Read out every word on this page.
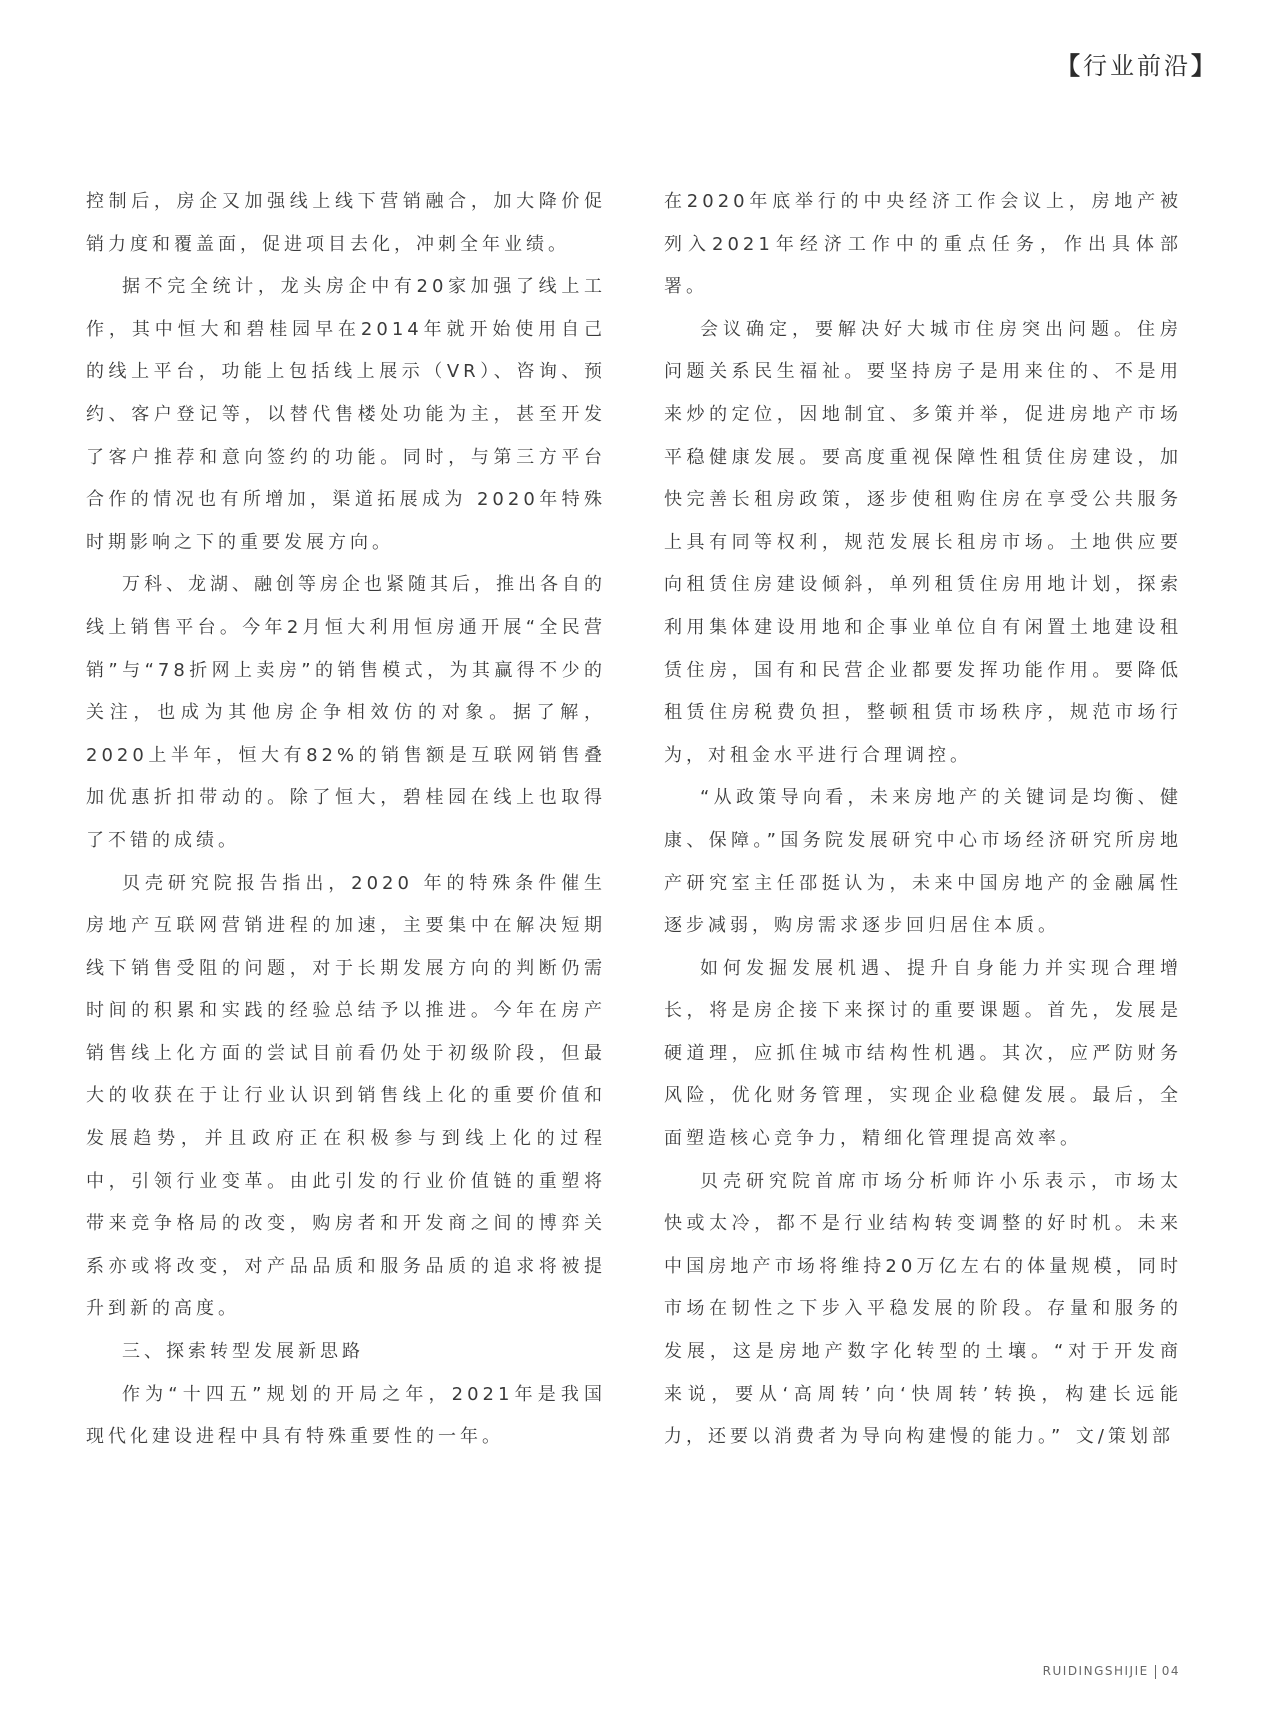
【行业前沿】

控制后，房企又加强线上线下营销融合，加大降价促销力度和覆盖面，促进项目去化，冲刺全年业绩。

据不完全统计，龙头房企中有20家加强了线上工作，其中恒大和碧桂园早在2014年就开始使用自己的线上平台，功能上包括线上展示（VR）、咨询、预约、客户登记等，以替代售楼处功能为主，甚至开发了客户推荐和意向签约的功能。同时，与第三方平台合作的情况也有所增加，渠道拓展成为 2020年特殊时期影响之下的重要发展方向。

万科、龙湖、融创等房企也紧随其后，推出各自的线上销售平台。今年2月恒大利用恒房通开展“全民营销”与“78折网上卖房”的销售模式，为其赢得不少的关注，也成为其他房企争相效仿的对象。据了解，2020上半年，恒大有82%的销售额是互联网销售叠加优惠折扣带动的。除了恒大，碧桂园在线上也取得了不错的成绩。

贝壳研究院报告指出，2020 年的特殊条件催生房地产互联网营销进程的加速，主要集中在解决短期线下销售受阻的问题，对于长期发展方向的判断仍需时间的积累和实践的经验总结予以推进。今年在房产销售线上化方面的尝试目前看仍处于初级阶段，但最大的收获在于让行业认识到销售线上化的重要价值和发展趋势，并且政府正在积极参与到线上化的过程中，引领行业变革。由此引发的行业价值链的重塑将带来竞争格局的改变，购房者和开发商之间的博弈关系亦或将改变，对产品品质和服务品质的追求将被提升到新的高度。

三、探索转型发展新思路

作为“十四五”规划的开局之年，2021年是我国现代化建设进程中具有特殊重要性的一年。

在2020年底举行的中央经济工作会议上，房地产被列入2021年经济工作中的重点任务，作出具体部署。

会议确定，要解决好大城市住房突出问题。住房问题关系民生福祉。要坚持房子是用来住的、不是用来炒的定位，因地制宜、多策并举，促进房地产市场平稳健康发展。要高度重视保障性租赁住房建设，加快完善长租房政策，逐步使租购住房在享受公共服务上具有同等权利，规范发展长租房市场。土地供应要向租赁住房建设倾斜，单列租赁住房用地计划，探索利用集体建设用地和企事业单位自有闲置土地建设租赁住房，国有和民营企业都要发挥功能作用。要降低租赁住房税费负担，整顿租赁市场秩序，规范市场行为，对租金水平进行合理调控。

“从政策导向看，未来房地产的关键词是均衡、健康、保障。”国务院发展研究中心市场经济研究所房地产研究室主任邵挺认为，未来中国房地产的金融属性逐步减弱，购房需求逐步回归居住本质。

如何发掘发展机遇、提升自身能力并实现合理增长，将是房企接下来探讨的重要课题。首先，发展是硬道理，应抓住城市结构性机遇。其次，应严防财务风险，优化财务管理，实现企业稳健发展。最后，全面塑造核心竞争力，精细化管理提高效率。

贝壳研究院首席市场分析师许小乐表示，市场太快或太冷，都不是行业结构转变调整的好时机。未来中国房地产市场将维持20万亿左右的体量规模，同时市场在韧性之下步入平稳发展的阶段。存量和服务的发展，这是房地产数字化转型的土壤。“对于开发商来说，要从‘高周转’向‘快周转’转换，构建长远能力，还要以消费者为导向构建慢的能力。” 文/策划部
RUIDINGSHIJIE 04
